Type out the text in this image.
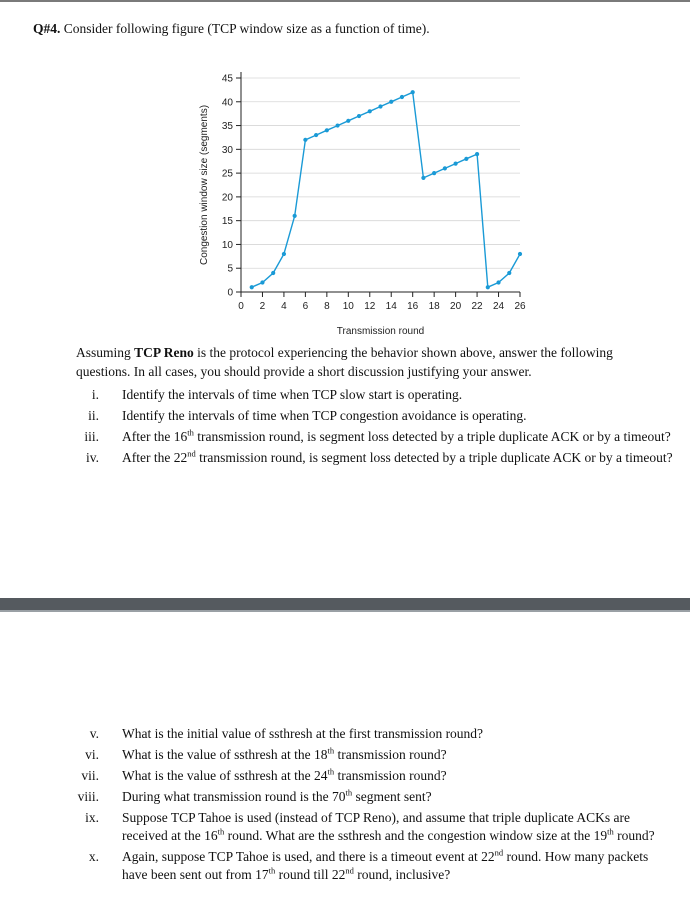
Q#4. Consider following figure (TCP window size as a function of time).
0
5
10
15
20
25
30
35
40
45
0 2 4 6 8 10 12 14 16 18 20 22 24 26
Transmission round
Congestion window size (segments)
Assuming TCP Reno is the protocol experiencing the behavior shown above, answer the following questions. In all cases, you should provide a short discussion justifying your answer.
i. Identify the intervals of time when TCP slow start is operating.
ii. Identify the intervals of time when TCP congestion avoidance is operating.
iii. After the 16th transmission round, is segment loss detected by a triple duplicate ACK or by a timeout?
iv. After the 22nd transmission round, is segment loss detected by a triple duplicate ACK or by a timeout?
v. What is the initial value of ssthresh at the first transmission round?
vi. What is the value of ssthresh at the 18th transmission round?
vii. What is the value of ssthresh at the 24th transmission round?
viii. During what transmission round is the 70th segment sent?
ix. Suppose TCP Tahoe is used (instead of TCP Reno), and assume that triple duplicate ACKs are received at the 16th round. What are the ssthresh and the congestion window size at the 19th round?
x. Again, suppose TCP Tahoe is used, and there is a timeout event at 22nd round. How many packets have been sent out from 17th round till 22nd round, inclusive?
